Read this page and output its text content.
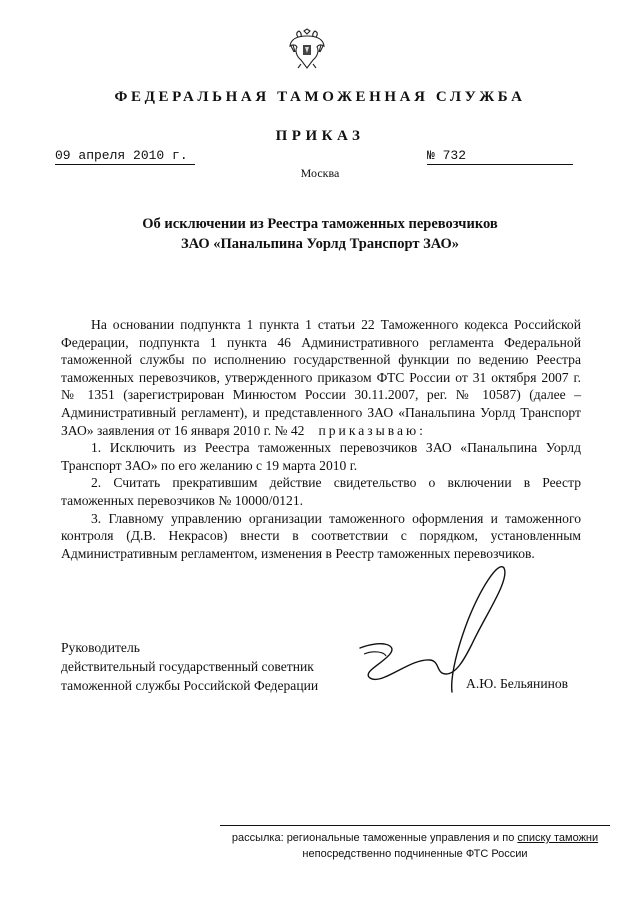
ФЕДЕРАЛЬНАЯ ТАМОЖЕННАЯ СЛУЖБА
ПРИКАЗ
09 апреля 2010 г.	№ 732
Москва
Об исключении из Реестра таможенных перевозчиков
ЗАО «Панальпина Уорлд Транспорт ЗАО»

На основании подпункта 1 пункта 1 статьи 22 Таможенного кодекса Российской Федерации, подпункта 1 пункта 46 Административного регламента Федеральной таможенной службы по исполнению государственной функции по ведению Реестра таможенных перевозчиков, утвержденного приказом ФТС России от 31 октября 2007 г. № 1351 (зарегистрирован Минюстом России 30.11.2007, рег. № 10587) (далее – Административный регламент), и представленного ЗАО «Панальпина Уорлд Транспорт ЗАО» заявления от 16 января 2010 г. № 42 приказываю:

1. Исключить из Реестра таможенных перевозчиков ЗАО «Панальпина Уорлд Транспорт ЗАО» по его желанию с 19 марта 2010 г.

2. Считать прекратившим действие свидетельство о включении в Реестр таможенных перевозчиков № 10000/0121.

3. Главному управлению организации таможенного оформления и таможенного контроля (Д.В. Некрасов) внести в соответствии с порядком, установленным Административным регламентом, изменения в Реестр таможенных перевозчиков.

Руководитель
действительный государственный советник
таможенной службы Российской Федерации	А.Ю. Бельянинов
рассылка: региональные таможенные управления и по списку таможни
непосредственно подчиненные ФТС России
